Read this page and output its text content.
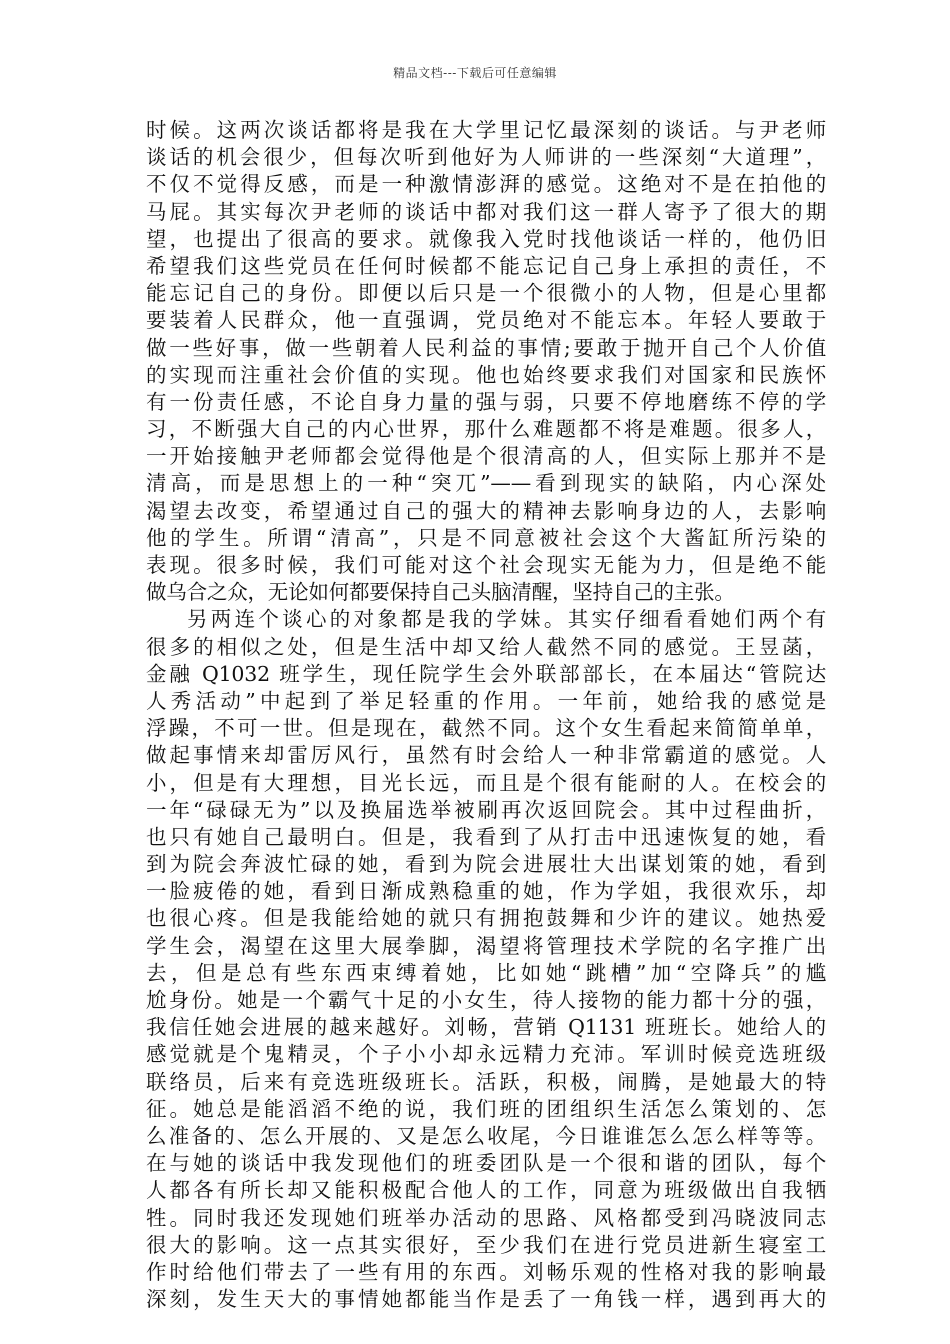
精品文档---下载后可任意编辑
时候。这两次谈话都将是我在大学里记忆最深刻的谈话。与尹老师
谈话的机会很少，但每次听到他好为人师讲的一些深刻“大道理”，
不仅不觉得反感，而是一种激情澎湃的感觉。这绝对不是在拍他的
马屁。其实每次尹老师的谈话中都对我们这一群人寄予了很大的期
望，也提出了很高的要求。就像我入党时找他谈话一样的，他仍旧
希望我们这些党员在任何时候都不能忘记自己身上承担的责任，不
能忘记自己的身份。即便以后只是一个很微小的人物，但是心里都
要装着人民群众，他一直强调，党员绝对不能忘本。年轻人要敢于
做一些好事，做一些朝着人民利益的事情;要敢于抛开自己个人价值
的实现而注重社会价值的实现。他也始终要求我们对国家和民族怀
有一份责任感，不论自身力量的强与弱，只要不停地磨练不停的学
习，不断强大自己的内心世界，那什么难题都不将是难题。很多人，
一开始接触尹老师都会觉得他是个很清高的人，但实际上那并不是
清高，而是思想上的一种“突兀”——看到现实的缺陷，内心深处
渴望去改变，希望通过自己的强大的精神去影响身边的人，去影响
他的学生。所谓“清高”，只是不同意被社会这个大酱缸所污染的
表现。很多时候，我们可能对这个社会现实无能为力，但是绝不能
做乌合之众，无论如何都要保持自己头脑清醒，坚持自己的主张。
另两连个谈心的对象都是我的学妹。其实仔细看看她们两个有
很多的相似之处，但是生活中却又给人截然不同的感觉。王昱菡，
金融 Q1032 班学生，现任院学生会外联部部长，在本届达“管院达
人秀活动”中起到了举足轻重的作用。一年前，她给我的感觉是
浮躁，不可一世。但是现在，截然不同。这个女生看起来简简单单，
做起事情来却雷厉风行，虽然有时会给人一种非常霸道的感觉。人
小，但是有大理想，目光长远，而且是个很有能耐的人。在校会的
一年“碌碌无为”以及换届选举被刷再次返回院会。其中过程曲折，
也只有她自己最明白。但是，我看到了从打击中迅速恢复的她，看
到为院会奔波忙碌的她，看到为院会进展壮大出谋划策的她，看到
一脸疲倦的她，看到日渐成熟稳重的她，作为学姐，我很欢乐，却
也很心疼。但是我能给她的就只有拥抱鼓舞和少许的建议。她热爱
学生会，渴望在这里大展拳脚，渴望将管理技术学院的名字推广出
去，但是总有些东西束缚着她，比如她“跳槽”加“空降兵”的尴
尬身份。她是一个霸气十足的小女生，待人接物的能力都十分的强，
我信任她会进展的越来越好。刘畅，营销 Q1131 班班长。她给人的
感觉就是个鬼精灵，个子小小却永远精力充沛。军训时候竞选班级
联络员，后来有竞选班级班长。活跃，积极，闹腾，是她最大的特
征。她总是能滔滔不绝的说，我们班的团组织生活怎么策划的、怎
么准备的、怎么开展的、又是怎么收尾，今日谁谁怎么怎么样等等。
在与她的谈话中我发现他们的班委团队是一个很和谐的团队，每个
人都各有所长却又能积极配合他人的工作，同意为班级做出自我牺
牲。同时我还发现她们班举办活动的思路、风格都受到冯晓波同志
很大的影响。这一点其实很好，至少我们在进行党员进新生寝室工
作时给他们带去了一些有用的东西。刘畅乐观的性格对我的影响最
深刻，发生天大的事情她都能当作是丢了一角钱一样，遇到再大的
